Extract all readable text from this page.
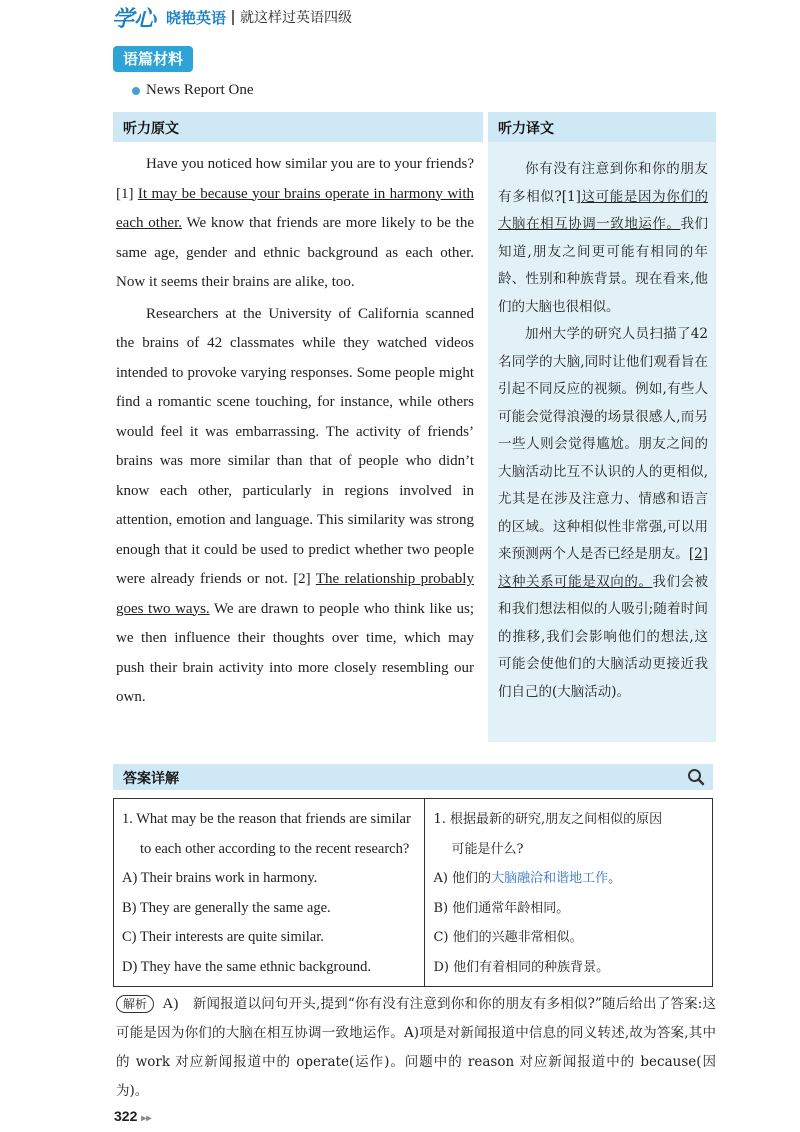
学心 晓艳英语 就这样过英语四级
语篇材料
News Report One
听力原文	听力译文

Have you noticed how similar you are to your friends? [1] It may be because your brains operate in harmony with each other. We know that friends are more likely to be the same age, gender and ethnic background as each other. Now it seems their brains are alike, too.

Researchers at the University of California scanned the brains of 42 classmates while they watched videos intended to provoke varying responses. Some people might find a romantic scene touching, for instance, while others would feel it was embarrassing. The activity of friends’ brains was more similar than that of people who didn’t know each other, particularly in regions involved in attention, emotion and language. This similarity was strong enough that it could be used to predict whether two people were already friends or not. [2] The relationship probably goes two ways. We are drawn to people who think like us; we then influence their thoughts over time, which may push their brain activity into more closely resembling our own.

你有没有注意到你和你的朋友有多相似?[1]这可能是因为你们的大脑在相互协调一致地运作。我们知道,朋友之间更可能有相同的年龄、性别和种族背景。现在看来,他们的大脑也很相似。

加州大学的研究人员扫描了42名同学的大脑,同时让他们观看旨在引起不同反应的视频。例如,有些人可能会觉得浪漫的场景很感人,而另一些人则会觉得尴尬。朋友之间的大脑活动比互不认识的人的更相似,尤其是在涉及注意力、情感和语言的区域。这种相似性非常强,可以用来预测两个人是否已经是朋友。[2]这种关系可能是双向的。我们会被和我们想法相似的人吸引;随着时间的推移,我们会影响他们的想法,这可能会使他们的大脑活动更接近我们自己的(大脑活动)。

答案详解
1. What may be the reason that friends are similar
to each other according to the recent research?
A) Their brains work in harmony.
B) They are generally the same age.
C) Their interests are quite similar.
D) They have the same ethnic background.

1. 根据最新的研究,朋友之间相似的原因
可能是什么?
A) 他们的大脑融洽和谐地工作。
B) 他们通常年龄相同。
C) 他们的兴趣非常相似。
D) 他们有着相同的种族背景。
解析 A) 新闻报道以问句开头,提到“你有没有注意到你和你的朋友有多相似?”随后给出了答案:这可能是因为你们的大脑在相互协调一致地运作。A)项是对新闻报道中信息的同义转述,故为答案,其中的 work 对应新闻报道中的 operate(运作)。问题中的 reason 对应新闻报道中的 because(因为)。
322 ▸▸
